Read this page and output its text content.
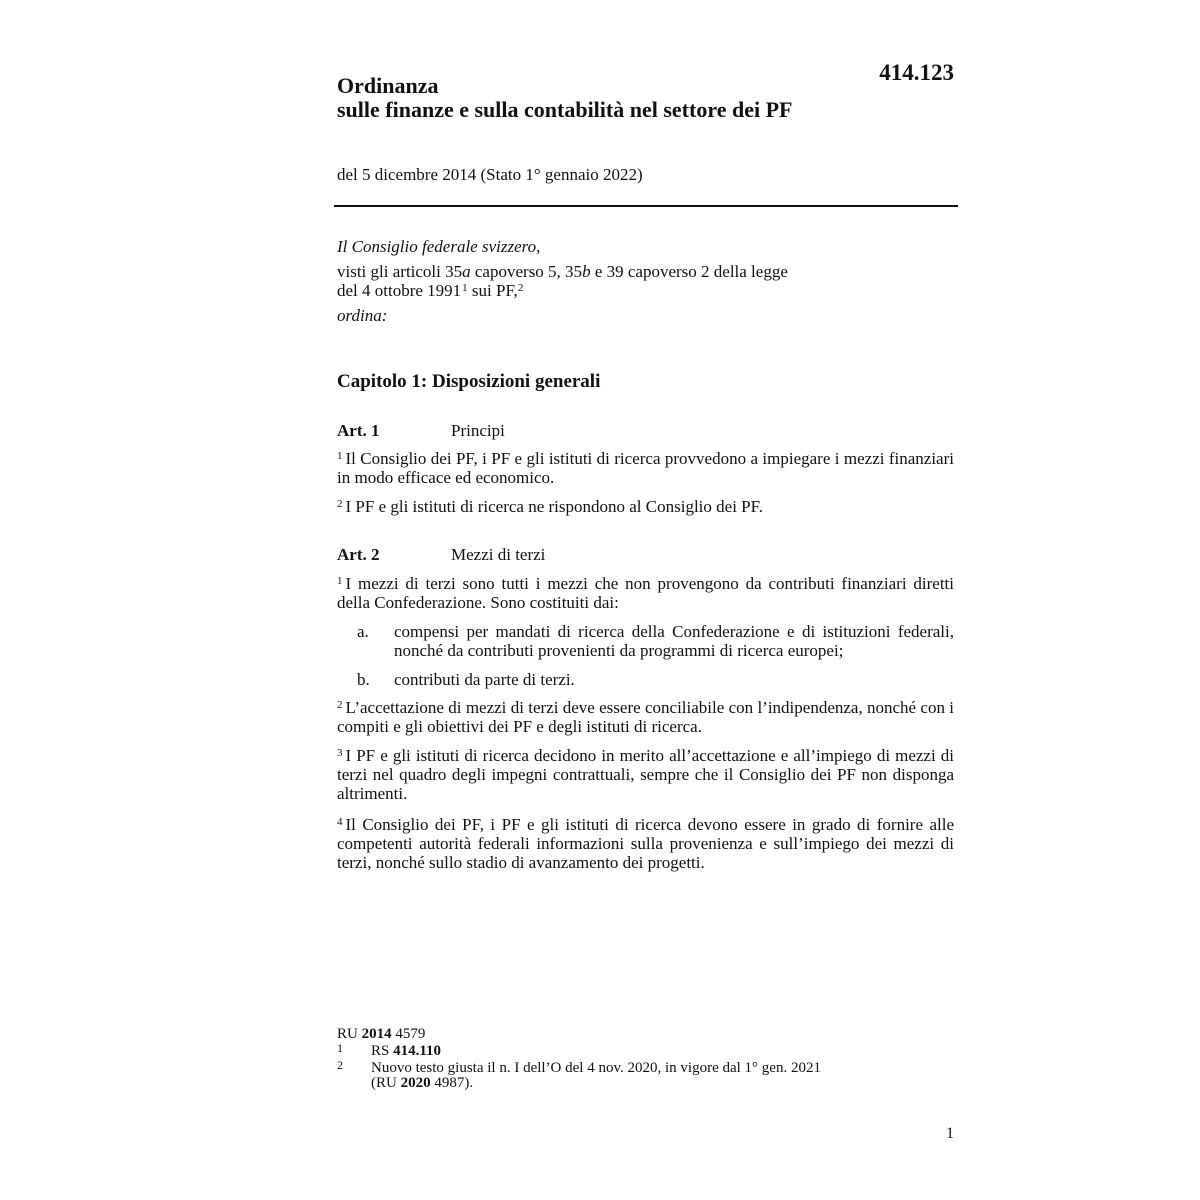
414.123
Ordinanza
sulle finanze e sulla contabilità nel settore dei PF
del 5 dicembre 2014 (Stato 1° gennaio 2022)
Il Consiglio federale svizzero,
visti gli articoli 35a capoverso 5, 35b e 39 capoverso 2 della legge
del 4 ottobre 1991$^1$ sui PF,$^2$
ordina:
Capitolo 1: Disposizioni generali
Art. 1	Principi
$^1$ Il Consiglio dei PF, i PF e gli istituti di ricerca provvedono a impiegare i mezzi finanziari in modo efficace ed economico.
$^2$ I PF e gli istituti di ricerca ne rispondono al Consiglio dei PF.
Art. 2	Mezzi di terzi
$^1$ I mezzi di terzi sono tutti i mezzi che non provengono da contributi finanziari diretti della Confederazione. Sono costituiti dai:
a. compensi per mandati di ricerca della Confederazione e di istituzioni federali, nonché da contributi provenienti da programmi di ricerca europei;
b. contributi da parte di terzi.
$^2$ L’accettazione di mezzi di terzi deve essere conciliabile con l’indipendenza, nonché con i compiti e gli obiettivi dei PF e degli istituti di ricerca.
$^3$ I PF e gli istituti di ricerca decidono in merito all’accettazione e all’impiego di mezzi di terzi nel quadro degli impegni contrattuali, sempre che il Consiglio dei PF non disponga altrimenti.
$^4$ Il Consiglio dei PF, i PF e gli istituti di ricerca devono essere in grado di fornire alle competenti autorità federali informazioni sulla provenienza e sull’impiego dei mezzi di terzi, nonché sullo stadio di avanzamento dei progetti.
RU 2014 4579
1 RS 414.110
2 Nuovo testo giusta il n. I dell’O del 4 nov. 2020, in vigore dal 1° gen. 2021
(RU 2020 4987).
1
